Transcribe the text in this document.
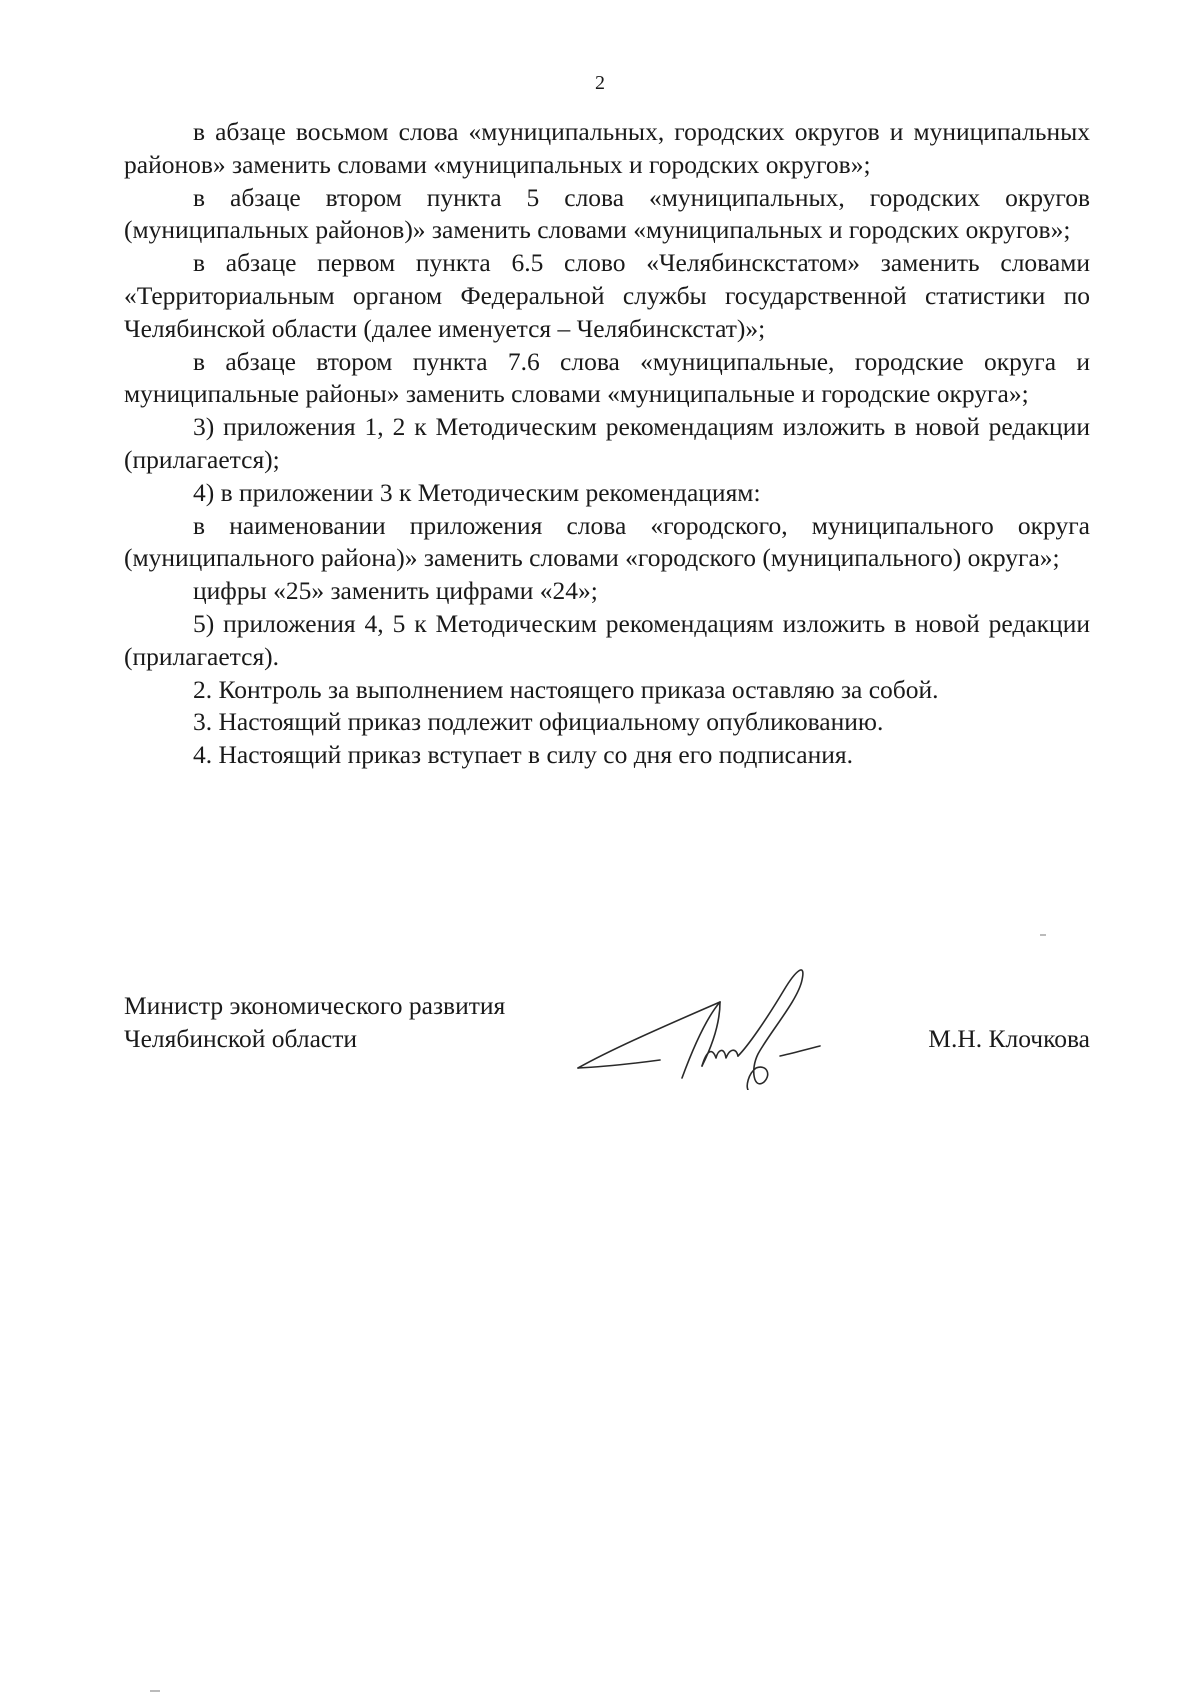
2

в абзаце восьмом слова «муниципальных, городских округов и муниципальных районов» заменить словами «муниципальных и городских округов»;

в абзаце втором пункта 5 слова «муниципальных, городских округов (муниципальных районов)» заменить словами «муниципальных и городских округов»;

в абзаце первом пункта 6.5 слово «Челябинскстатом» заменить словами «Территориальным органом Федеральной службы государственной статистики по Челябинской области (далее именуется – Челябинскстат)»;

в абзаце втором пункта 7.6 слова «муниципальные, городские округа и муниципальные районы» заменить словами «муниципальные и городские округа»;

3) приложения 1, 2 к Методическим рекомендациям изложить в новой редакции (прилагается);

4) в приложении 3 к Методическим рекомендациям:

в наименовании приложения слова «городского, муниципального округа (муниципального района)» заменить словами «городского (муниципального) округа»;

цифры «25» заменить цифрами «24»;

5) приложения 4, 5 к Методическим рекомендациям изложить в новой редакции (прилагается).

2. Контроль за выполнением настоящего приказа оставляю за собой.

3. Настоящий приказ подлежит официальному опубликованию.

4. Настоящий приказ вступает в силу со дня его подписания.

Министр экономического развития
Челябинской области	М.Н. Клочкова
